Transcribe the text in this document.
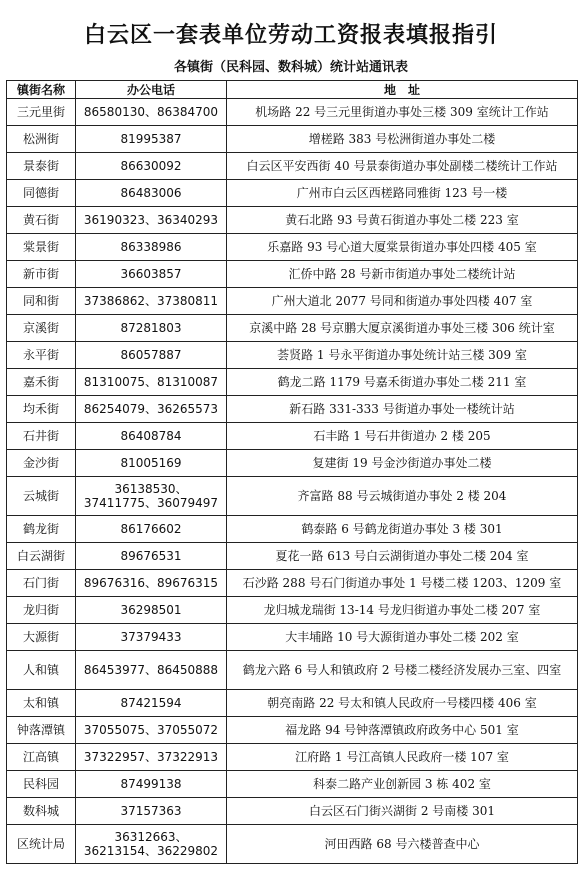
白云区一套表单位劳动工资报表填报指引
各镇街（民科园、数科城）统计站通讯表
镇街名称	办公电话	地　址
三元里街	86580130、86384700	机场路 22 号三元里街道办事处三楼 309 室统计工作站
松洲街	81995387	增槎路 383 号松洲街道办事处二楼
景泰街	86630092	白云区平安西街 40 号景泰街道办事处副楼二楼统计工作站
同德街	86483006	广州市白云区西槎路同雅街 123 号一楼
黄石街	36190323、36340293	黄石北路 93 号黄石街道办事处二楼 223 室
棠景街	86338986	乐嘉路 93 号心道大厦棠景街道办事处四楼 405 室
新市街	36603857	汇侨中路 28 号新市街道办事处二楼统计站
同和街	37386862、37380811	广州大道北 2077 号同和街道办事处四楼 407 室
京溪街	87281803	京溪中路 28 号京鹏大厦京溪街道办事处三楼 306 统计室
永平街	86057887	荟贤路 1 号永平街道办事处统计站三楼 309 室
嘉禾街	81310075、81310087	鹤龙二路 1179 号嘉禾街道办事处二楼 211 室
均禾街	86254079、36265573	新石路 331-333 号街道办事处一楼统计站
石井街	86408784	石丰路 1 号石井街道办 2 楼 205
金沙街	81005169	复建街 19 号金沙街道办事处二楼
云城街	36138530、37411775、36079497	齐富路 88 号云城街道办事处 2 楼 204
鹤龙街	86176602	鹤泰路 6 号鹤龙街道办事处 3 楼 301
白云湖街	89676531	夏花一路 613 号白云湖街道办事处二楼 204 室
石门街	89676316、89676315	石沙路 288 号石门街道办事处 1 号楼二楼 1203、1209 室
龙归街	36298501	龙归城龙瑞街 13-14 号龙归街道办事处二楼 207 室
大源街	37379433	大丰埔路 10 号大源街道办事处二楼 202 室
人和镇	86453977、86450888	鹤龙六路 6 号人和镇政府 2 号楼二楼经济发展办三室、四室
太和镇	87421594	朝亮南路 22 号太和镇人民政府一号楼四楼 406 室
钟落潭镇	37055075、37055072	福龙路 94 号钟落潭镇政府政务中心 501 室
江高镇	37322957、37322913	江府路 1 号江高镇人民政府一楼 107 室
民科园	87499138	科泰二路产业创新园 3 栋 402 室
数科城	37157363	白云区石门街兴湖街 2 号南楼 301
区统计局	36312663、36213154、36229802	河田西路 68 号六楼普查中心
